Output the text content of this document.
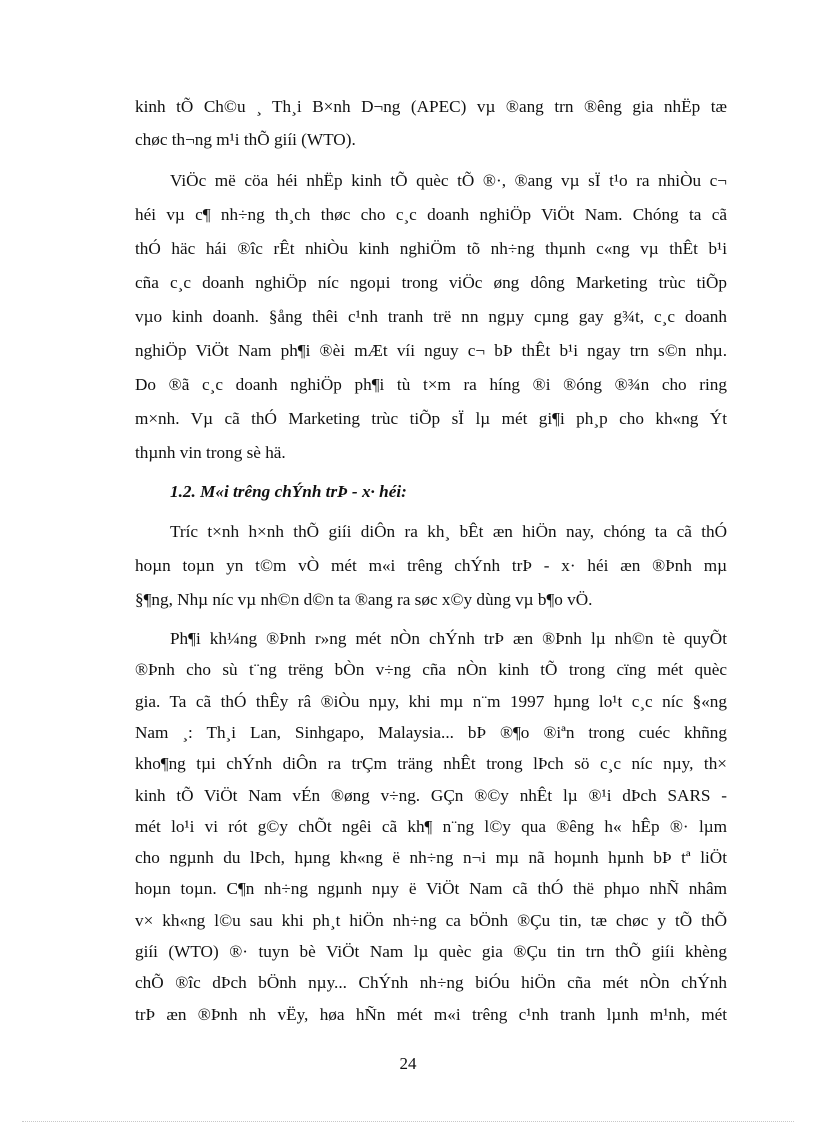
kinh tÕ Ch©u ¸ Th¸i B×nh D¬ng (APEC) vµ ®ang trn ®êng gia nhËp tæ
chøc th¬ng m¹i thÕ giíi (WTO).
ViÖc më cöa héi nhËp kinh tÕ quèc tÕ ®·, ®ang vµ sÏ t¹o ra nhiÒu c¬
héi vµ c¶ nh÷ng th¸ch thøc cho c¸c doanh nghiÖp ViÖt Nam. Chóng ta cã
thÓ häc hái ®îc rÊt nhiÒu kinh nghiÖm tõ nh÷ng thµnh c«ng vµ thÊt b¹i
cña c¸c doanh nghiÖp níc ngoµi trong viÖc øng dông Marketing trùc tiÕp
vµo kinh doanh. §ång thêi c¹nh tranh trë nn ngµy cµng gay g¾t, c¸c doanh
nghiÖp ViÖt Nam ph¶i ®èi mÆt víi nguy c¬ bÞ thÊt b¹i ngay trn s©n nhµ.
Do ®ã c¸c doanh nghiÖp ph¶i tù t×m ra híng ®i ®óng ®¾n cho ring
m×nh. Vµ cã thÓ Marketing trùc tiÕp sÏ lµ mét gi¶i ph¸p cho kh«ng Ýt
thµnh vin trong sè hä.
1.2. M«i trêng chÝnh trÞ - x· héi:
Tríc t×nh h×nh thÕ giíi diÔn ra kh¸ bÊt æn hiÖn nay, chóng ta cã thÓ
hoµn toµn yn t©m vÒ mét m«i trêng chÝnh trÞ - x· héi æn ®Þnh mµ
§¶ng, Nhµ níc vµ nh©n d©n ta ®ang ra søc x©y dùng vµ b¶o vÖ.
Ph¶i kh¼ng ®Þnh r»ng mét nÒn chÝnh trÞ æn ®Þnh lµ nh©n tè quyÕt
®Þnh cho sù t¨ng trëng bÒn v÷ng cña nÒn kinh tÕ trong cïng mét quèc
gia. Ta cã thÓ thÊy râ ®iÒu nµy, khi mµ n¨m 1997 hµng lo¹t c¸c níc §«ng
Nam ¸: Th¸i Lan, Sinhgapo, Malaysia... bÞ ®¶o ®iªn trong cuéc khñng
kho¶ng tµi chÝnh diÔn ra trÇm träng nhÊt trong lÞch sö c¸c níc nµy, th×
kinh tÕ ViÖt Nam vÉn ®øng v÷ng. GÇn ®©y nhÊt lµ ®¹i dÞch SARS -
mét lo¹i vi rót g©y chÕt ngêi cã kh¶ n¨ng l©y qua ®êng h« hÊp ®· lµm
cho ngµnh du lÞch, hµng kh«ng ë nh÷ng n¬i mµ nã hoµnh hµnh bÞ tª liÖt
hoµn toµn. C¶n nh÷ng ngµnh nµy ë ViÖt Nam cã thÓ thë phµo nhÑ nhâm
v× kh«ng l©u sau khi ph¸t hiÖn nh÷ng ca bÖnh ®Çu tin, tæ chøc y tÕ thÕ
giíi (WTO) ®· tuyn bè ViÖt Nam lµ quèc gia ®Çu tin trn thÕ giíi khèng
chÕ ®îc dÞch bÖnh nµy... ChÝnh nh÷ng biÓu hiÖn cña mét nÒn chÝnh
trÞ æn ®Þnh nh vËy, høa hÑn mét m«i trêng c¹nh tranh lµnh m¹nh, mét
24
